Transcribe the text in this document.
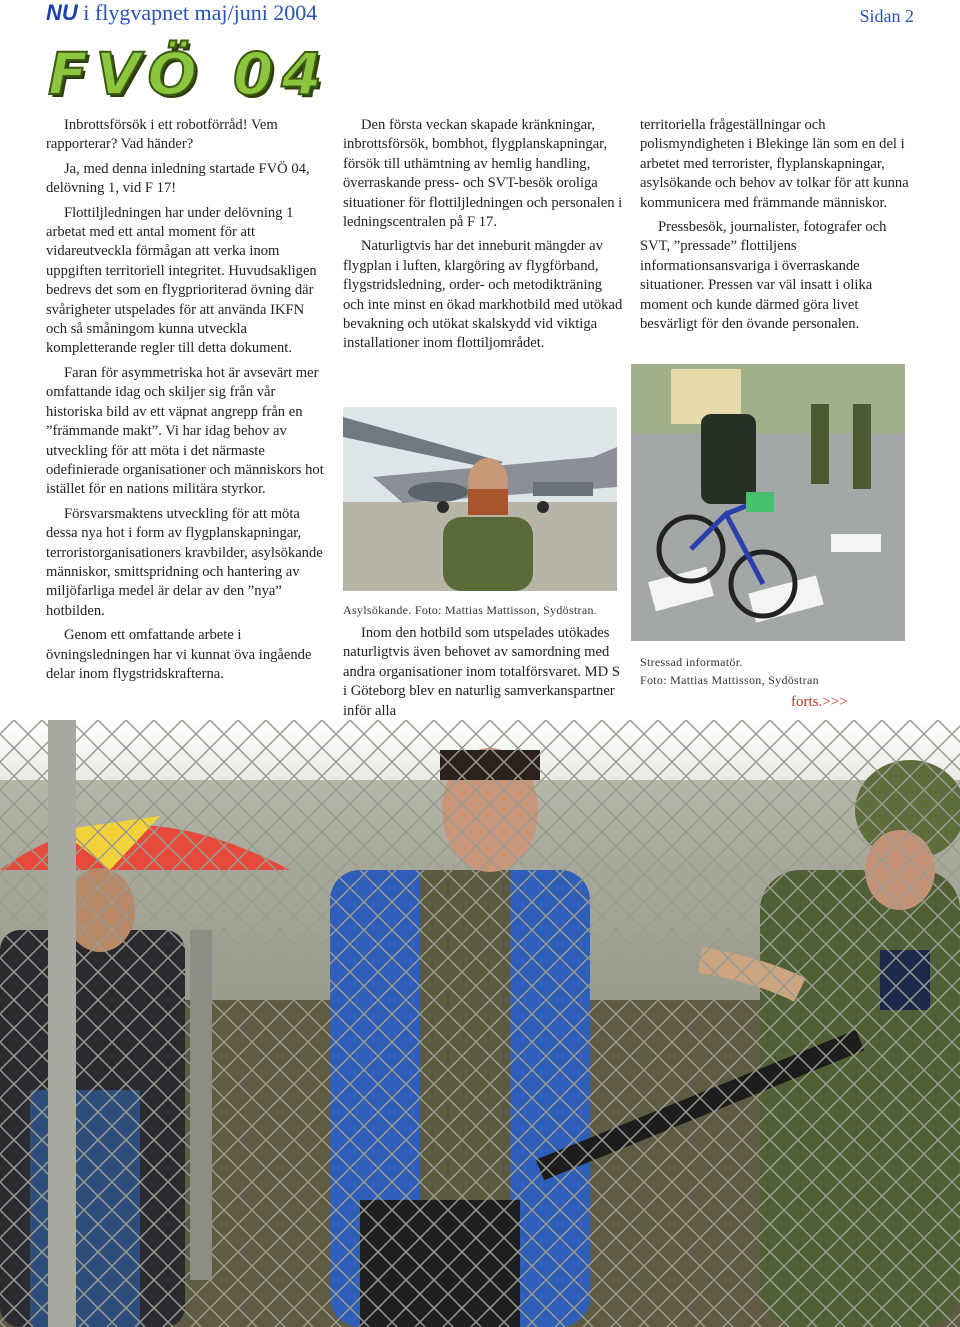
NU i flygvapnet maj/juni 2004	Sidan 2
FVÖ 04

Inbrottsförsök i ett robotförråd! Vem rapporterar? Vad händer?

Ja, med denna inledning startade FVÖ 04, delövning 1, vid F 17!

Flottiljledningen har under delövning 1 arbetat med ett antal moment för att vidareutveckla förmågan att verka inom uppgiften territoriell integritet. Huvudsakligen bedrevs det som en flygprioriterad övning där svårigheter utspelades för att använda IKFN och så småningom kunna utveckla kompletterande regler till detta dokument.

Faran för asymmetriska hot är avsevärt mer omfattande idag och skiljer sig från vår historiska bild av ett väpnat angrepp från en ”främmande makt”. Vi har idag behov av utveckling för att möta i det närmaste odefinierade organisationer och människors hot istället för en nations militära styrkor.

Försvarsmaktens utveckling för att möta dessa nya hot i form av flygplanskapningar, terroristorganisationers kravbilder, asylsökande människor, smittspridning och hantering av miljöfarliga medel är delar av den ”nya” hotbilden.

Genom ett omfattande arbete i övningsledningen har vi kunnat öva ingående delar inom flygstridskrafterna.

Den första veckan skapade kränkningar, inbrottsförsök, bombhot, flygplanskapningar, försök till uthämtning av hemlig handling, överraskande press- och SVT-besök oroliga situationer för flottiljledningen och personalen i ledningscentralen på F 17.

Naturligtvis har det inneburit mängder av flygplan i luften, klargöring av flygförband, flygstridsledning, order- och metodikträning och inte minst en ökad markhotbild med utökad bevakning och utökat skalskydd vid viktiga installationer inom flottiljområdet.

Asylsökande. Foto: Mattias Mattisson, Sydöstran.

Inom den hotbild som utspelades utökades naturligtvis även behovet av samordning med andra organisationer inom totalförsvaret. MD S i Göteborg blev en naturlig samverkanspartner inför alla

territoriella frågeställningar och polismyndigheten i Blekinge län som en del i arbetet med terrorister, flyplanskapningar, asylsökande och behov av tolkar för att kunna kommunicera med främmande människor.

Pressbesök, journalister, fotografer och SVT, ”pressade” flottiljens informationsansvariga i överraskande situationer. Pressen var väl insatt i olika moment och kunde därmed göra livet besvärligt för den övande personalen.

Stressad informatör.
Foto: Mattias Mattisson, Sydöstran
forts.>>>
